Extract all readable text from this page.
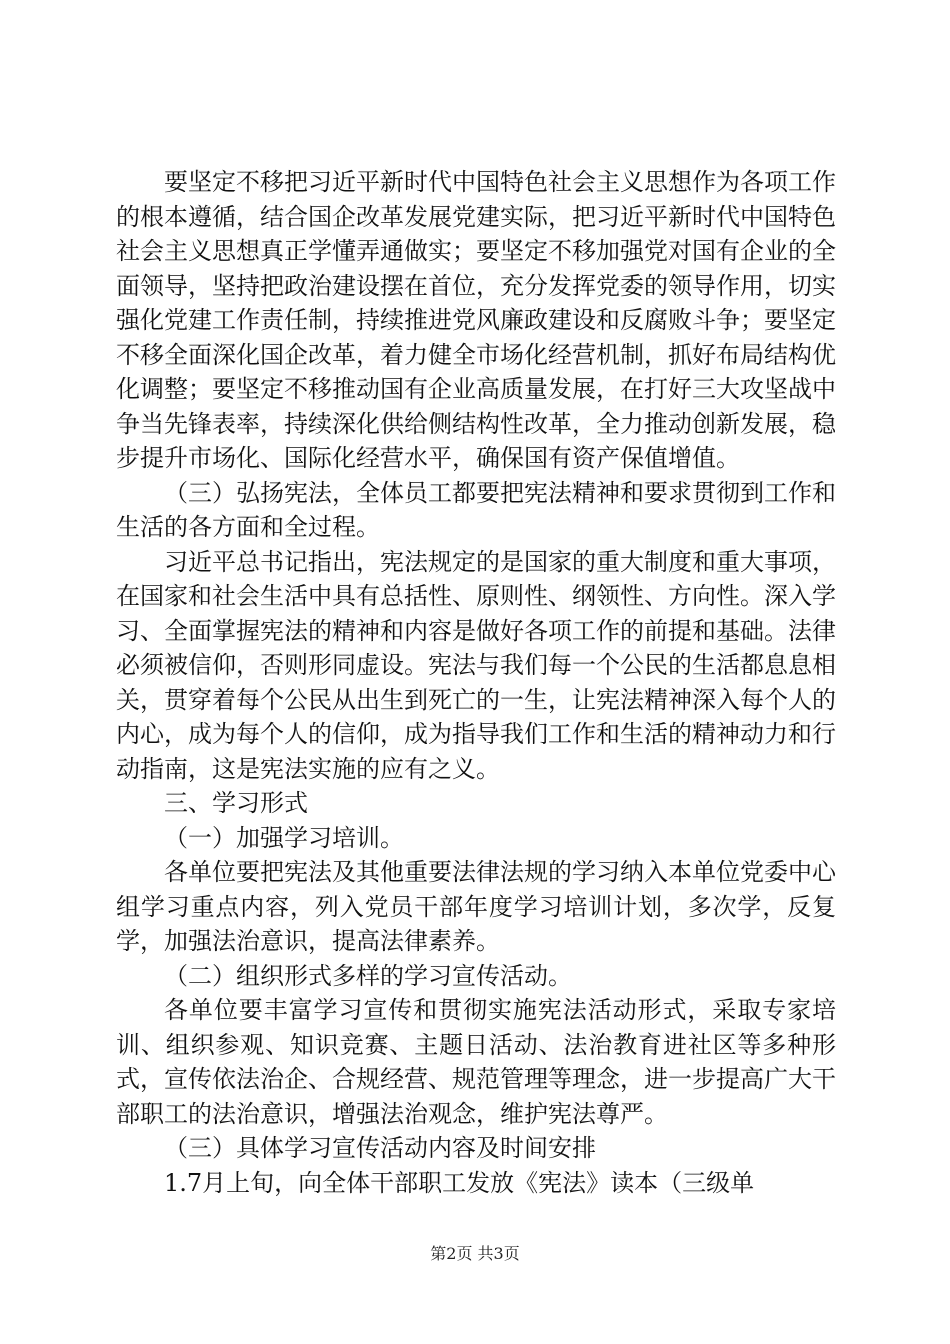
要坚定不移把习近平新时代中国特色社会主义思想作为各项工作的根本遵循，结合国企改革发展党建实际，把习近平新时代中国特色社会主义思想真正学懂弄通做实；要坚定不移加强党对国有企业的全面领导，坚持把政治建设摆在首位，充分发挥党委的领导作用，切实强化党建工作责任制，持续推进党风廉政建设和反腐败斗争；要坚定不移全面深化国企改革，着力健全市场化经营机制，抓好布局结构优化调整；要坚定不移推动国有企业高质量发展，在打好三大攻坚战中争当先锋表率，持续深化供给侧结构性改革，全力推动创新发展，稳步提升市场化、国际化经营水平，确保国有资产保值增值。

（三）弘扬宪法，全体员工都要把宪法精神和要求贯彻到工作和生活的各方面和全过程。

习近平总书记指出，宪法规定的是国家的重大制度和重大事项，在国家和社会生活中具有总括性、原则性、纲领性、方向性。深入学习、全面掌握宪法的精神和内容是做好各项工作的前提和基础。法律必须被信仰，否则形同虚设。宪法与我们每一个公民的生活都息息相关，贯穿着每个公民从出生到死亡的一生，让宪法精神深入每个人的内心，成为每个人的信仰，成为指导我们工作和生活的精神动力和行动指南，这是宪法实施的应有之义。

三、学习形式

（一）加强学习培训。

各单位要把宪法及其他重要法律法规的学习纳入本单位党委中心组学习重点内容，列入党员干部年度学习培训计划，多次学，反复学，加强法治意识，提高法律素养。

（二）组织形式多样的学习宣传活动。

各单位要丰富学习宣传和贯彻实施宪法活动形式，采取专家培训、组织参观、知识竞赛、主题日活动、法治教育进社区等多种形式，宣传依法治企、合规经营、规范管理等理念，进一步提高广大干部职工的法治意识，增强法治观念，维护宪法尊严。

（三）具体学习宣传活动内容及时间安排

1.7月上旬，向全体干部职工发放《宪法》读本（三级单

第2页 共3页
